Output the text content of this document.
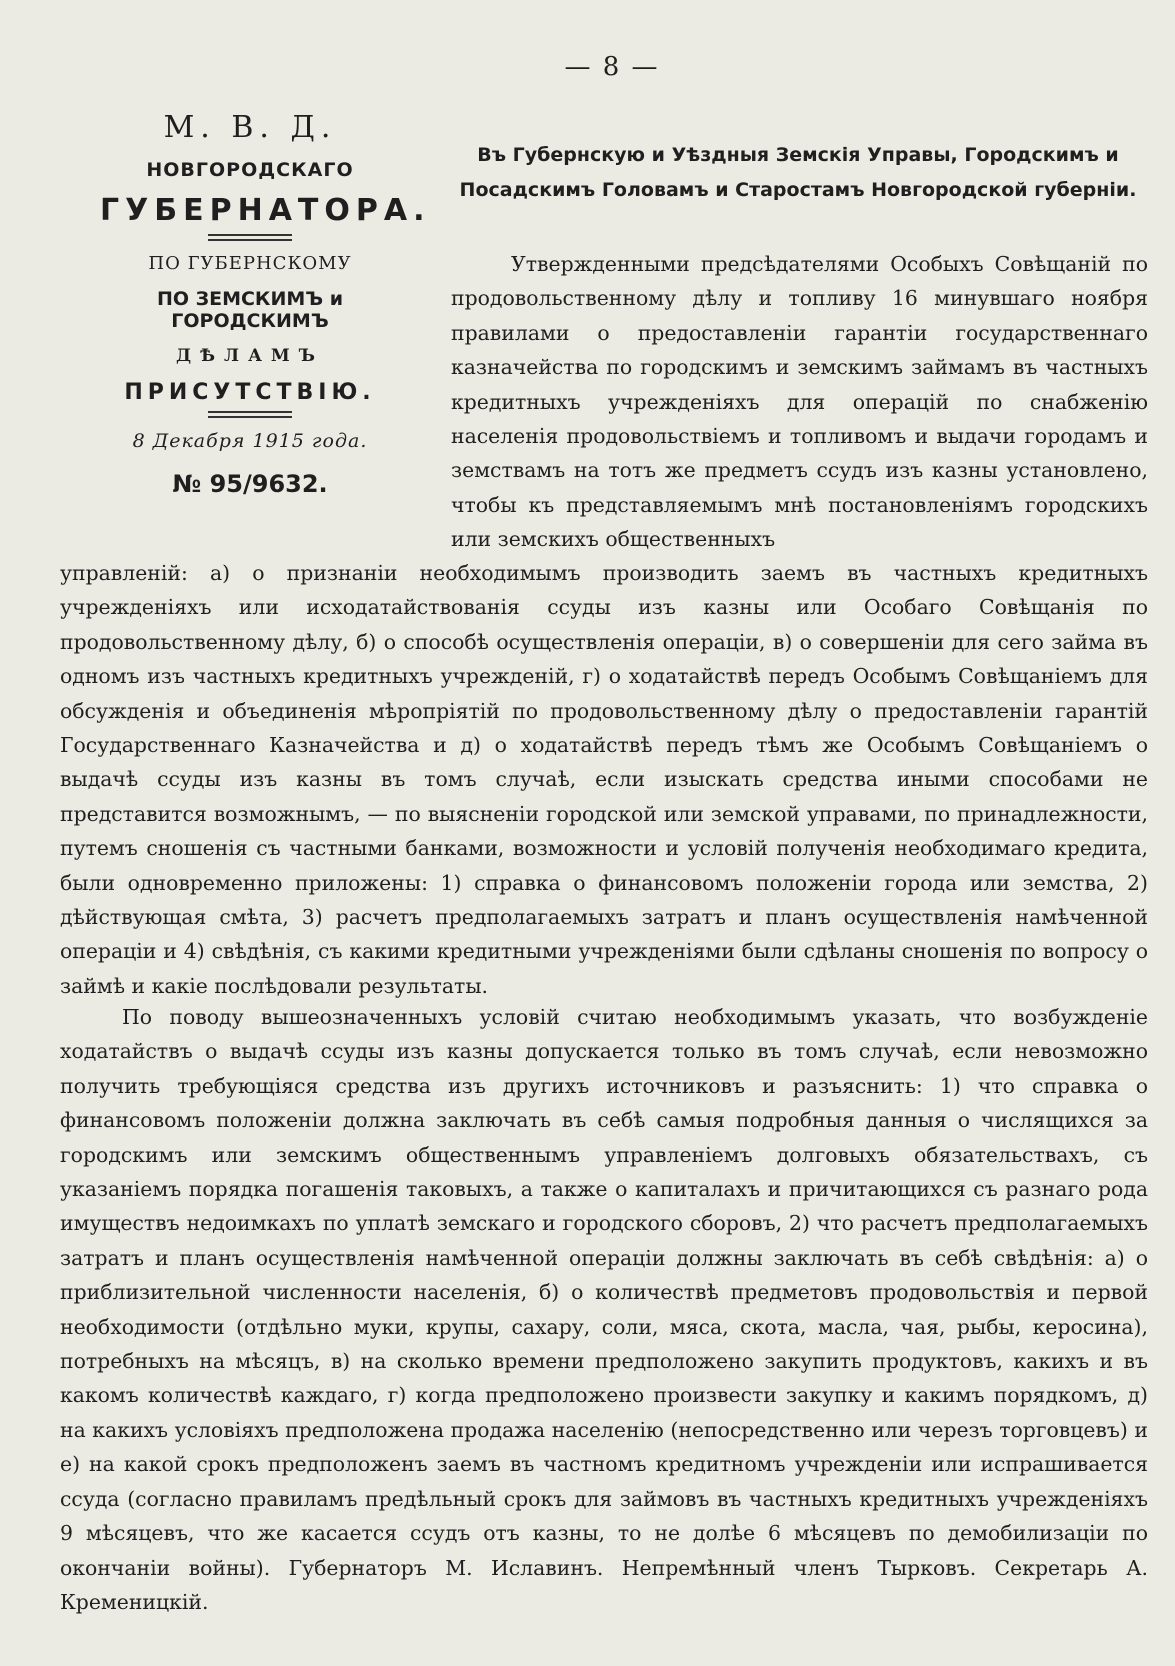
— 8 —
М. В. Д.
НОВГОРОДСКАГО
ГУБЕРНАТОРА.
ПО ГУБЕРНСКОМУ
ПО ЗЕМСКИМЪ и ГОРОДСКИМЪ
ДѢЛАМЪ
ПРИСУТСТВІЮ.
8 Декабря 1915 года.
№ 95/9632.
Въ Губернскую и Уѣздныя Земскія Управы, Городскимъ и Посадскимъ Головамъ и Старостамъ Новгородской губерніи.

Утвержденными предсѣдателями Особыхъ Совѣщаній по продовольственному дѣлу и топливу 16 минувшаго ноября правилами о предоставленіи гарантіи государственнаго казначейства по городскимъ и земскимъ займамъ въ частныхъ кредитныхъ учрежденіяхъ для операцій по снабженію населенія продовольствіемъ и топливомъ и выдачи городамъ и земствамъ на тотъ же предметъ ссудъ изъ казны установлено, чтобы къ представляемымъ мнѣ постановленіямъ городскихъ или земскихъ общественныхъ

управленій: а) о признаніи необходимымъ производить заемъ въ частныхъ кредитныхъ учрежденіяхъ или исходатайствованія ссуды изъ казны или Особаго Совѣщанія по продовольственному дѣлу, б) о способѣ осуществленія операціи, в) о совершеніи для сего займа въ одномъ изъ частныхъ кредитныхъ учрежденій, г) о ходатайствѣ передъ Особымъ Совѣщаніемъ для обсужденія и объединенія мѣропріятій по продовольственному дѣлу о предоставленіи гарантій Государственнаго Казначейства и д) о ходатайствѣ передъ тѣмъ же Особымъ Совѣщаніемъ о выдачѣ ссуды изъ казны въ томъ случаѣ, если изыскать средства иными способами не представится возможнымъ, — по выясненіи городской или земской управами, по принадлежности, путемъ сношенія съ частными банками, возможности и условій полученія необходимаго кредита, были одновременно приложены: 1) справка о финансовомъ положеніи города или земства, 2) дѣйствующая смѣта, 3) расчетъ предполагаемыхъ затратъ и планъ осуществленія намѣченной операціи и 4) свѣдѣнія, съ какими кредитными учрежденіями были сдѣланы сношенія по вопросу о займѣ и какіе послѣдовали результаты.

По поводу вышеозначенныхъ условій считаю необходимымъ указать, что возбужденіе ходатайствъ о выдачѣ ссуды изъ казны допускается только въ томъ случаѣ, если невозможно получить требующіяся средства изъ другихъ источниковъ и разъяснить: 1) что справка о финансовомъ положеніи должна заключать въ себѣ самыя подробныя данныя о числящихся за городскимъ или земскимъ общественнымъ управленіемъ долговыхъ обязательствахъ, съ указаніемъ порядка погашенія таковыхъ, а также о капиталахъ и причитающихся съ разнаго рода имуществъ недоимкахъ по уплатѣ земскаго и городского сборовъ, 2) что расчетъ предполагаемыхъ затратъ и планъ осуществленія намѣченной операціи должны заключать въ себѣ свѣдѣнія: а) о приблизительной численности населенія, б) о количествѣ предметовъ продовольствія и первой необходимости (отдѣльно муки, крупы, сахару, соли, мяса, скота, масла, чая, рыбы, керосина), потребныхъ на мѣсяцъ, в) на сколько времени предположено закупить продуктовъ, какихъ и въ какомъ количествѣ каждаго, г) когда предположено произвести закупку и какимъ порядкомъ, д) на какихъ условіяхъ предположена продажа населенію (непосредственно или черезъ торговцевъ) и е) на какой срокъ предположенъ заемъ въ частномъ кредитномъ учрежденіи или испрашивается ссуда (согласно правиламъ предѣльный срокъ для займовъ въ частныхъ кредитныхъ учрежденіяхъ 9 мѣсяцевъ, что же касается ссудъ отъ казны, то не долѣе 6 мѣсяцевъ по демобилизаціи по окончаніи войны). Губернаторъ М. Иславинъ. Непремѣнный членъ Тырковъ. Секретарь А. Кременицкій.
